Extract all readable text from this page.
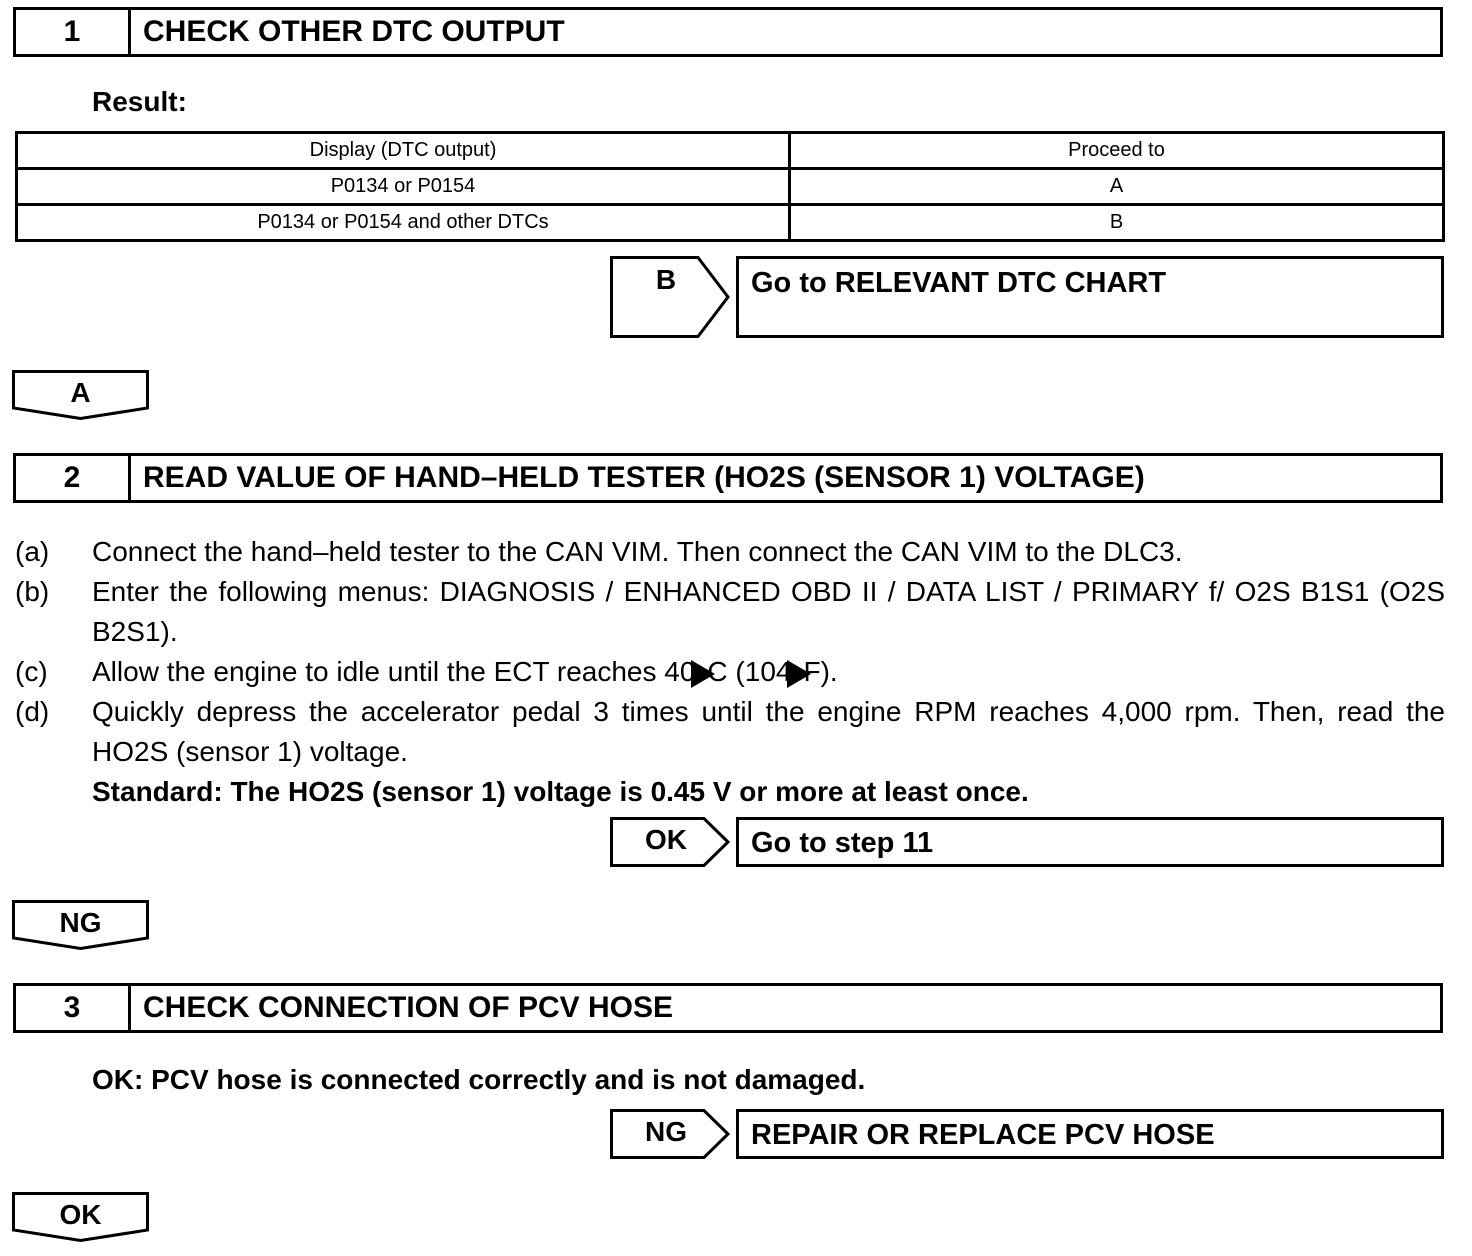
1	CHECK OTHER DTC OUTPUT
Result:
Display (DTC output)	Proceed to
P0134 or P0154	A
P0134 or P0154 and other DTCs	B
B	Go to RELEVANT DTC CHART
A
2	READ VALUE OF HAND–HELD TESTER (HO2S (SENSOR 1) VOLTAGE)
(a)	Connect the hand–held tester to the CAN VIM. Then connect the CAN VIM to the DLC3.
(b)	Enter the following menus: DIAGNOSIS / ENHANCED OBD II / DATA LIST / PRIMARY f/ O2S B1S1 (O2S B2S1).
(c)	Allow the engine to idle until the ECT reaches 40 C (104 F).
(d)	Quickly depress the accelerator pedal 3 times until the engine RPM reaches 4,000 rpm. Then, read the HO2S (sensor 1) voltage.
Standard: The HO2S (sensor 1) voltage is 0.45 V or more at least once.
OK	Go to step 11
NG
3	CHECK CONNECTION OF PCV HOSE
OK: PCV hose is connected correctly and is not damaged.
NG	REPAIR OR REPLACE PCV HOSE
OK
